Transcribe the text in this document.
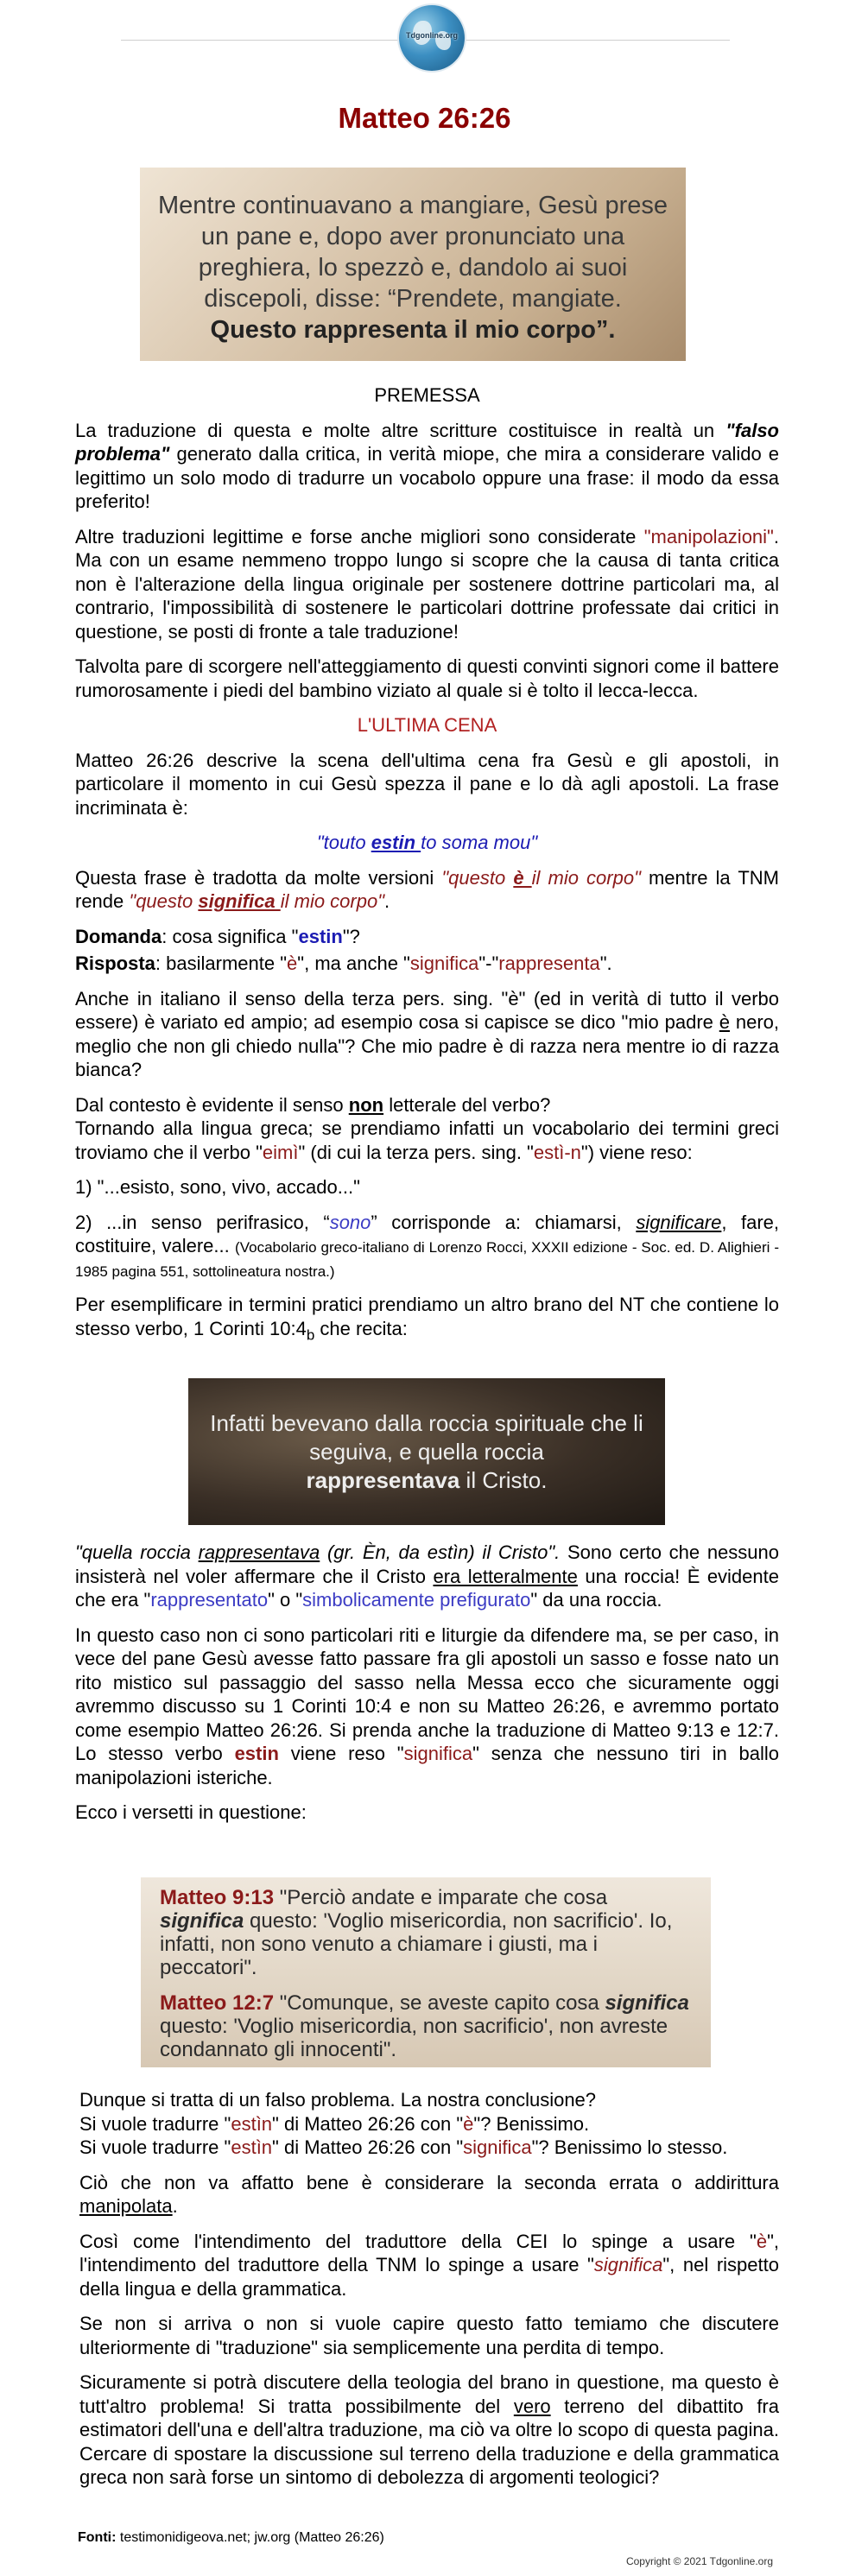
Tdgonline.org
Matteo 26:26
Mentre continuavano a mangiare, Gesù prese un pane e, dopo aver pronunciato una preghiera, lo spezzò e, dandolo ai suoi discepoli, disse: “Prendete, mangiate.
Questo rappresenta il mio corpo”.

PREMESSA

La traduzione di questa e molte altre scritture costituisce in realtà un "falso problema" generato dalla critica, in verità miope, che mira a considerare valido e legittimo un solo modo di tradurre un vocabolo oppure una frase: il modo da essa preferito!

Altre traduzioni legittime e forse anche migliori sono considerate "manipolazioni". Ma con un esame nemmeno troppo lungo si scopre che la causa di tanta critica non è l'alterazione della lingua originale per sostenere dottrine particolari ma, al contrario, l'impossibilità di sostenere le particolari dottrine professate dai critici in questione, se posti di fronte a tale traduzione!

Talvolta pare di scorgere nell'atteggiamento di questi convinti signori come il battere rumorosamente i piedi del bambino viziato al quale si è tolto il lecca-lecca.

L'ULTIMA CENA

Matteo 26:26 descrive la scena dell'ultima cena fra Gesù e gli apostoli, in particolare il momento in cui Gesù spezza il pane e lo dà agli apostoli. La frase incriminata è:

"touto estin to soma mou"

Questa frase è tradotta da molte versioni "questo è il mio corpo" mentre la TNM rende "questo significa il mio corpo".

Domanda: cosa significa "estin"?

Risposta: basilarmente "è", ma anche "significa"-"rappresenta".

Anche in italiano il senso della terza pers. sing. "è" (ed in verità di tutto il verbo essere) è variato ed ampio; ad esempio cosa si capisce se dico "mio padre è nero, meglio che non gli chiedo nulla"? Che mio padre è di razza nera mentre io di razza bianca?

Dal contesto è evidente il senso non letterale del verbo?
Tornando alla lingua greca; se prendiamo infatti un vocabolario dei termini greci troviamo che il verbo "eimì" (di cui la terza pers. sing. "estì-n") viene reso:

1) "...esisto, sono, vivo, accado..."

2) ...in senso perifrasico, “sono” corrisponde a: chiamarsi, significare, fare, costituire, valere... (Vocabolario greco-italiano di Lorenzo Rocci, XXXII edizione - Soc. ed. D. Alighieri - 1985 pagina 551, sottolineatura nostra.)

Per esemplificare in termini pratici prendiamo un altro brano del NT che contiene lo stesso verbo, 1 Corinti $10:4_b$ che recita:

Infatti bevevano dalla roccia spirituale che li seguiva, e quella roccia
rappresentava il Cristo.

"quella roccia rappresentava (gr. Èn, da estìn) il Cristo". Sono certo che nessuno insisterà nel voler affermare che il Cristo era letteralmente una roccia! È evidente che era "rappresentato" o "simbolicamente prefigurato" da una roccia.

In questo caso non ci sono particolari riti e liturgie da difendere ma, se per caso, in vece del pane Gesù avesse fatto passare fra gli apostoli un sasso e fosse nato un rito mistico sul passaggio del sasso nella Messa ecco che sicuramente oggi avremmo discusso su 1 Corinti 10:4 e non su Matteo 26:26, e avremmo portato come esempio Matteo 26:26. Si prenda anche la traduzione di Matteo 9:13 e 12:7. Lo stesso verbo estin viene reso "significa" senza che nessuno tiri in ballo manipolazioni isteriche.

Ecco i versetti in questione:

Matteo 9:13 "Perciò andate e imparate che cosa significa questo: 'Voglio misericordia, non sacrificio'. Io, infatti, non sono venuto a chiamare i giusti, ma i peccatori".
Matteo 12:7 "Comunque, se aveste capito cosa significa questo: 'Voglio misericordia, non sacrificio', non avreste condannato gli innocenti".

Dunque si tratta di un falso problema. La nostra conclusione?

Si vuole tradurre "estìn" di Matteo 26:26 con "è"? Benissimo.

Si vuole tradurre "estìn" di Matteo 26:26 con "significa"? Benissimo lo stesso.

Ciò che non va affatto bene è considerare la seconda errata o addirittura manipolata.

Così come l'intendimento del traduttore della CEI lo spinge a usare "è", l'intendimento del traduttore della TNM lo spinge a usare "significa", nel rispetto della lingua e della grammatica.

Se non si arriva o non si vuole capire questo fatto temiamo che discutere ulteriormente di "traduzione" sia semplicemente una perdita di tempo.

Sicuramente si potrà discutere della teologia del brano in questione, ma questo è tutt'altro problema! Si tratta possibilmente del vero terreno del dibattito fra estimatori dell'una e dell'altra traduzione, ma ciò va oltre lo scopo di questa pagina. Cercare di spostare la discussione sul terreno della traduzione e della grammatica greca non sarà forse un sintomo di debolezza di argomenti teologici?

Fonti: testimonidigeova.net; jw.org (Matteo 26:26)
Copyright © 2021 Tdgonline.org
